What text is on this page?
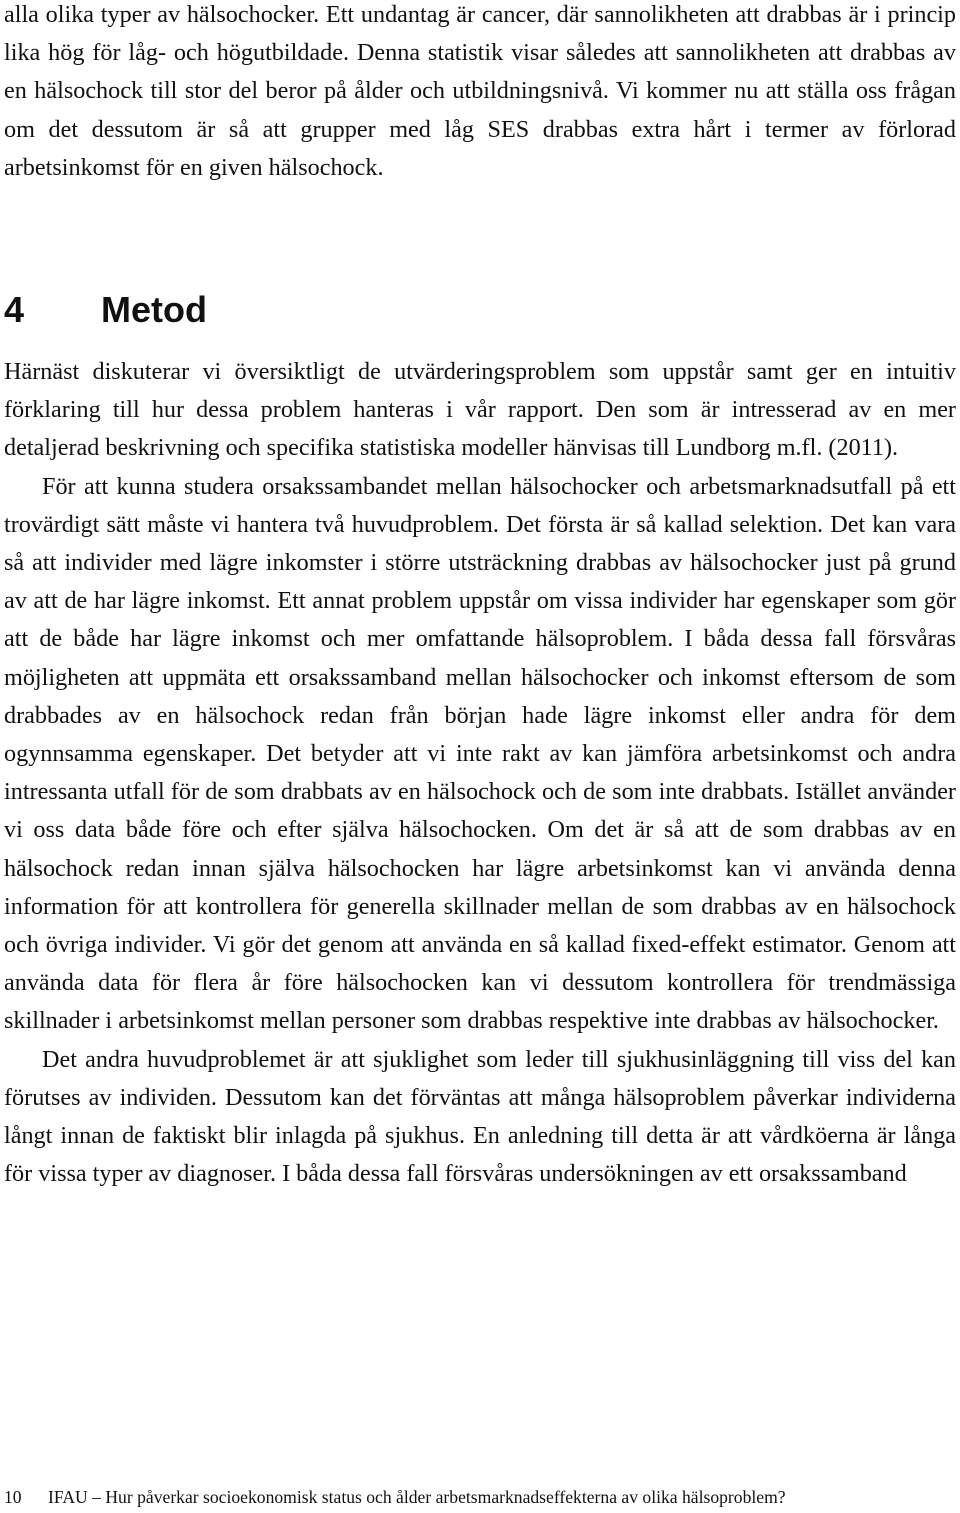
alla olika typer av hälsochocker. Ett undantag är cancer, där sannolikheten att drabbas är i princip lika hög för låg- och högutbildade. Denna statistik visar således att sannolikheten att drabbas av en hälsochock till stor del beror på ålder och utbildningsnivå. Vi kommer nu att ställa oss frågan om det dessutom är så att grupper med låg SES drabbas extra hårt i termer av förlorad arbetsinkomst för en given hälsochock.

4 Metod

Härnäst diskuterar vi översiktligt de utvärderingsproblem som uppstår samt ger en intuitiv förklaring till hur dessa problem hanteras i vår rapport. Den som är intresserad av en mer detaljerad beskrivning och specifika statistiska modeller hänvisas till Lundborg m.fl. (2011).

För att kunna studera orsakssambandet mellan hälsochocker och arbetsmarknadsutfall på ett trovärdigt sätt måste vi hantera två huvudproblem. Det första är så kallad selektion. Det kan vara så att individer med lägre inkomster i större utsträckning drabbas av hälsochocker just på grund av att de har lägre inkomst. Ett annat problem uppstår om vissa individer har egenskaper som gör att de både har lägre inkomst och mer omfattande hälsoproblem. I båda dessa fall försvåras möjligheten att uppmäta ett orsakssamband mellan hälsochocker och inkomst eftersom de som drabbades av en hälsochock redan från början hade lägre inkomst eller andra för dem ogynnsamma egenskaper. Det betyder att vi inte rakt av kan jämföra arbetsinkomst och andra intressanta utfall för de som drabbats av en hälsochock och de som inte drabbats. Istället använder vi oss data både före och efter själva hälsochocken. Om det är så att de som drabbas av en hälsochock redan innan själva hälsochocken har lägre arbetsinkomst kan vi använda denna information för att kontrollera för generella skillnader mellan de som drabbas av en hälsochock och övriga individer. Vi gör det genom att använda en så kallad fixed-effekt estimator. Genom att använda data för flera år före hälsochocken kan vi dessutom kontrollera för trendmässiga skillnader i arbetsinkomst mellan personer som drabbas respektive inte drabbas av hälsochocker.

Det andra huvudproblemet är att sjuklighet som leder till sjukhusinläggning till viss del kan förutses av individen. Dessutom kan det förväntas att många hälsoproblem påverkar individerna långt innan de faktiskt blir inlagda på sjukhus. En anledning till detta är att vårdköerna är långa för vissa typer av diagnoser. I båda dessa fall försvåras undersökningen av ett orsakssamband

10 IFAU – Hur påverkar socioekonomisk status och ålder arbetsmarknadseffekterna av olika hälsoproblem?
